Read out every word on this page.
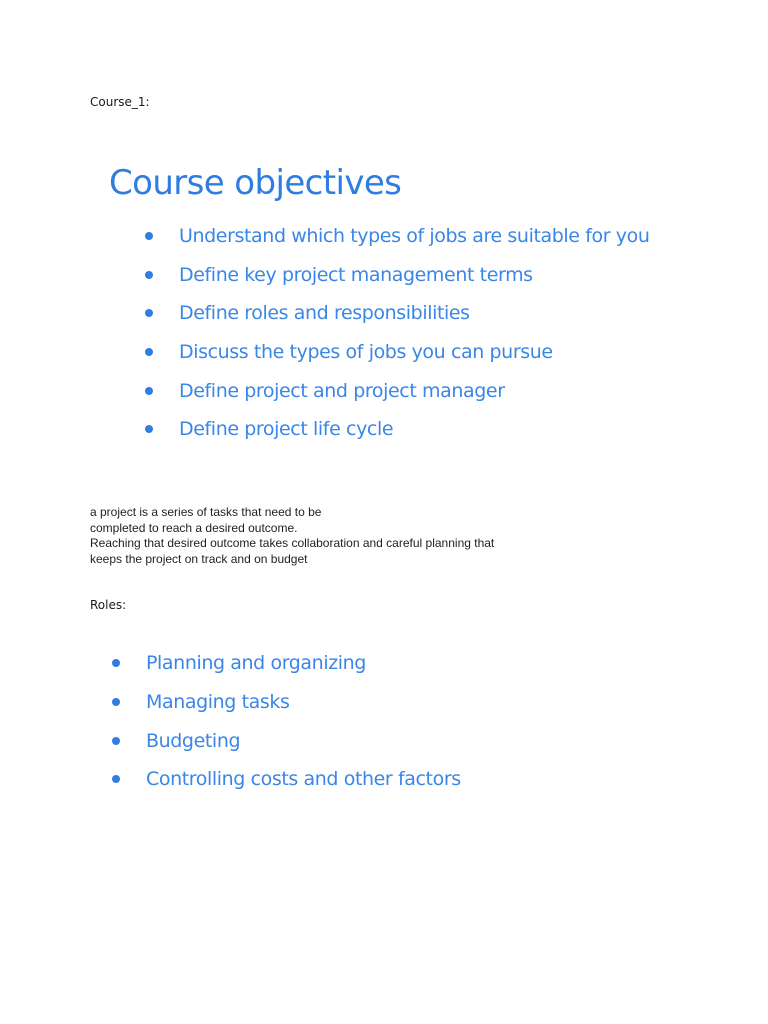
Course_1:
Course objectives
Understand which types of jobs are suitable for you
Define key project management terms
Define roles and responsibilities
Discuss the types of jobs you can pursue
Define project and project manager
Define project life cycle
a project is a series of tasks that need to be
completed to reach a desired outcome.
Reaching that desired outcome takes collaboration and careful planning that
keeps the project on track and on budget
Roles:
Planning and organizing
Managing tasks
Budgeting
Controlling costs and other factors
